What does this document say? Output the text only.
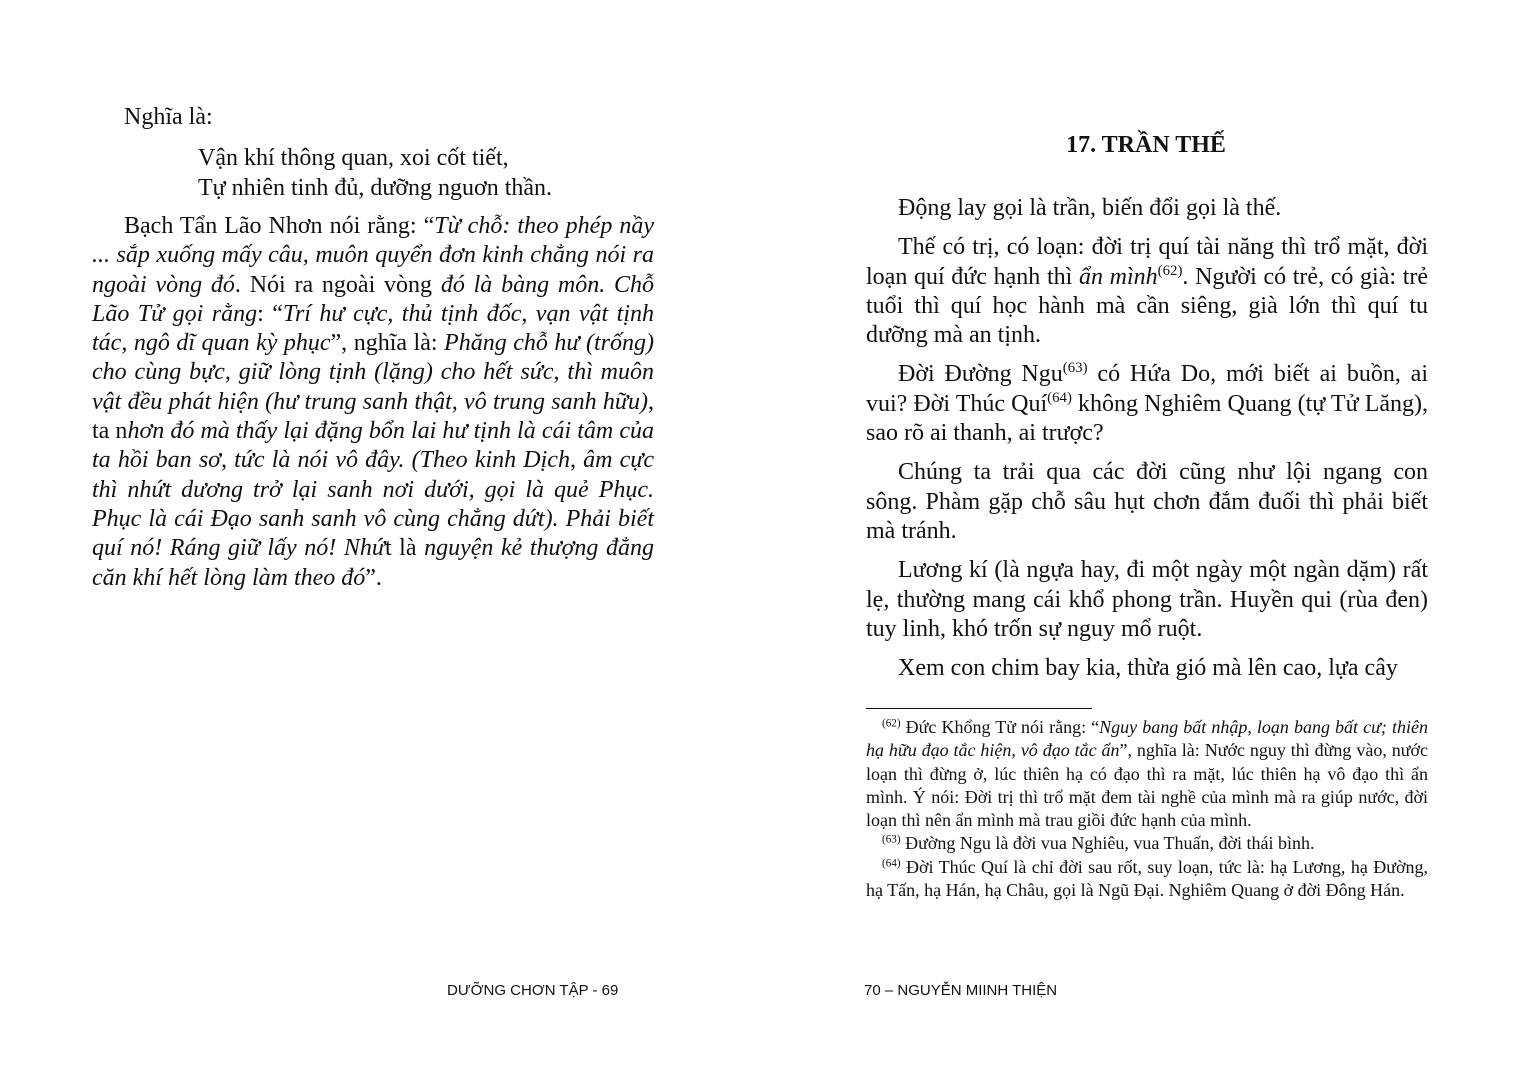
Nghĩa là:
Vận khí thông quan, xoi cốt tiết,
Tự nhiên tinh đủ, dưỡng nguơn thần.

Bạch Tẩn Lão Nhơn nói rằng: “Từ chỗ: theo phép nầy ... sắp xuống mấy câu, muôn quyển đơn kinh chẳng nói ra ngoài vòng đó. Nói ra ngoài vòng đó là bàng môn. Chỗ Lão Tử gọi rằng: “Trí hư cực, thủ tịnh đốc, vạn vật tịnh tác, ngô dĩ quan kỳ phục”, nghĩa là: Phăng chỗ hư (trống) cho cùng bực, giữ lòng tịnh (lặng) cho hết sức, thì muôn vật đều phát hiện (hư trung sanh thật, vô trung sanh hữu), ta nhơn đó mà thấy lại đặng bổn lai hư tịnh là cái tâm của ta hồi ban sơ, tức là nói vô đây. (Theo kinh Dịch, âm cực thì nhứt dương trở lại sanh nơi dưới, gọi là quẻ Phục. Phục là cái Đạo sanh sanh vô cùng chẳng dứt). Phải biết quí nó! Ráng giữ lấy nó! Nhứt là nguyện kẻ thượng đẳng căn khí hết lòng làm theo đó”.

DƯỠNG CHƠN TẬP - 69
17. TRẦN THẾ

Động lay gọi là trần, biến đổi gọi là thế.

Thế có trị, có loạn: đời trị quí tài năng thì trổ mặt, đời loạn quí đức hạnh thì ẩn mình$^{(62)}$. Người có trẻ, có già: trẻ tuổi thì quí học hành mà cần siêng, già lớn thì quí tu dưỡng mà an tịnh.

Đời Đường Ngu$^{(63)}$ có Hứa Do, mới biết ai buồn, ai vui? Đời Thúc Quí$^{(64)}$ không Nghiêm Quang (tự Tử Lăng), sao rõ ai thanh, ai trược?

Chúng ta trải qua các đời cũng như lội ngang con sông. Phàm gặp chỗ sâu hụt chơn đắm đuối thì phải biết mà tránh.

Lương kí (là ngựa hay, đi một ngày một ngàn dặm) rất lẹ, thường mang cái khổ phong trần. Huyền qui (rùa đen) tuy linh, khó trốn sự nguy mổ ruột.

Xem con chim bay kia, thừa gió mà lên cao, lựa cây

$^{(62)}$ Đức Khổng Tử nói rằng: “Nguy bang bất nhập, loạn bang bất cư; thiên hạ hữu đạo tắc hiện, vô đạo tắc ẩn”, nghĩa là: Nước nguy thì đừng vào, nước loạn thì đừng ở, lúc thiên hạ có đạo thì ra mặt, lúc thiên hạ vô đạo thì ẩn mình. Ý nói: Đời trị thì trổ mặt đem tài nghề của mình mà ra giúp nước, đời loạn thì nên ẩn mình mà trau giồi đức hạnh của mình.

$^{(63)}$ Đường Ngu là đời vua Nghiêu, vua Thuấn, đời thái bình.

$^{(64)}$ Đời Thúc Quí là chỉ đời sau rốt, suy loạn, tức là: hạ Lương, hạ Đường, hạ Tấn, hạ Hán, hạ Châu, gọi là Ngũ Đại. Nghiêm Quang ở đời Đông Hán.

70 – NGUYỄN MIINH THIỆN
